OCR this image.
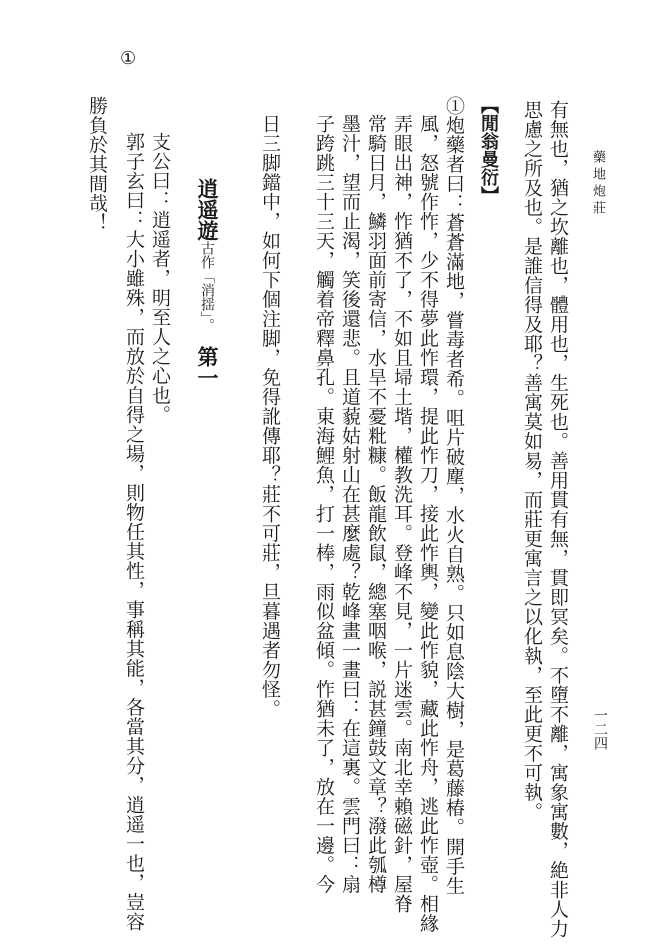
藥地炮莊
一二四
有無也，猶之坎離也，體用也，生死也。善用貫有無，貫即冥矣。不墮不離，寓象寓數，絶非人力
思慮之所及也。是誰信得及耶？善寓莫如易，而莊更寓言之以化執，至此更不可執。
【閒翁曼衍】
①炮藥者曰：蒼蒼滿地，嘗毒者希。咀片破塵，水火自熟。只如息陰大樹，是葛藤椿。開手生
風，怒號作怍，少不得夢此怍環，提此怍刀，接此怍輿，變此怍貌，藏此怍舟，逃此怍壺。相緣
弄眼出神，怍猶不了，不如且埽土堦，權教洗耳。登峰不見，一片迷雲。南北幸賴磁針，屋脊
常騎日月，鱗羽面前寄信，水旱不憂粃糠。飯龍飲鼠，總塞咽喉，説甚鐘鼓文章？潑此瓠樽
墨汁，望而止渴，笑後還悲。且道藐姑射山在甚麼處？乾峰畫一畫曰：在這裏。雲門曰：扇
子跨跳三十三天，觸着帝釋鼻孔。東海鯉魚，打一棒，雨似盆傾。怍猶未了，放在一邊。今
日三脚鐺中，如何下個注脚，免得訛傳耶？莊不可莊，旦暮遇者勿怪。
逍遥遊古作「消揺」。第一
支公曰：逍遥者，明至人之心也。
郭子玄曰：大小雖殊，而放於自得之場，則物任其性，事稱其能，各當其分，逍遥一也，豈容
勝負於其間哉！
①
